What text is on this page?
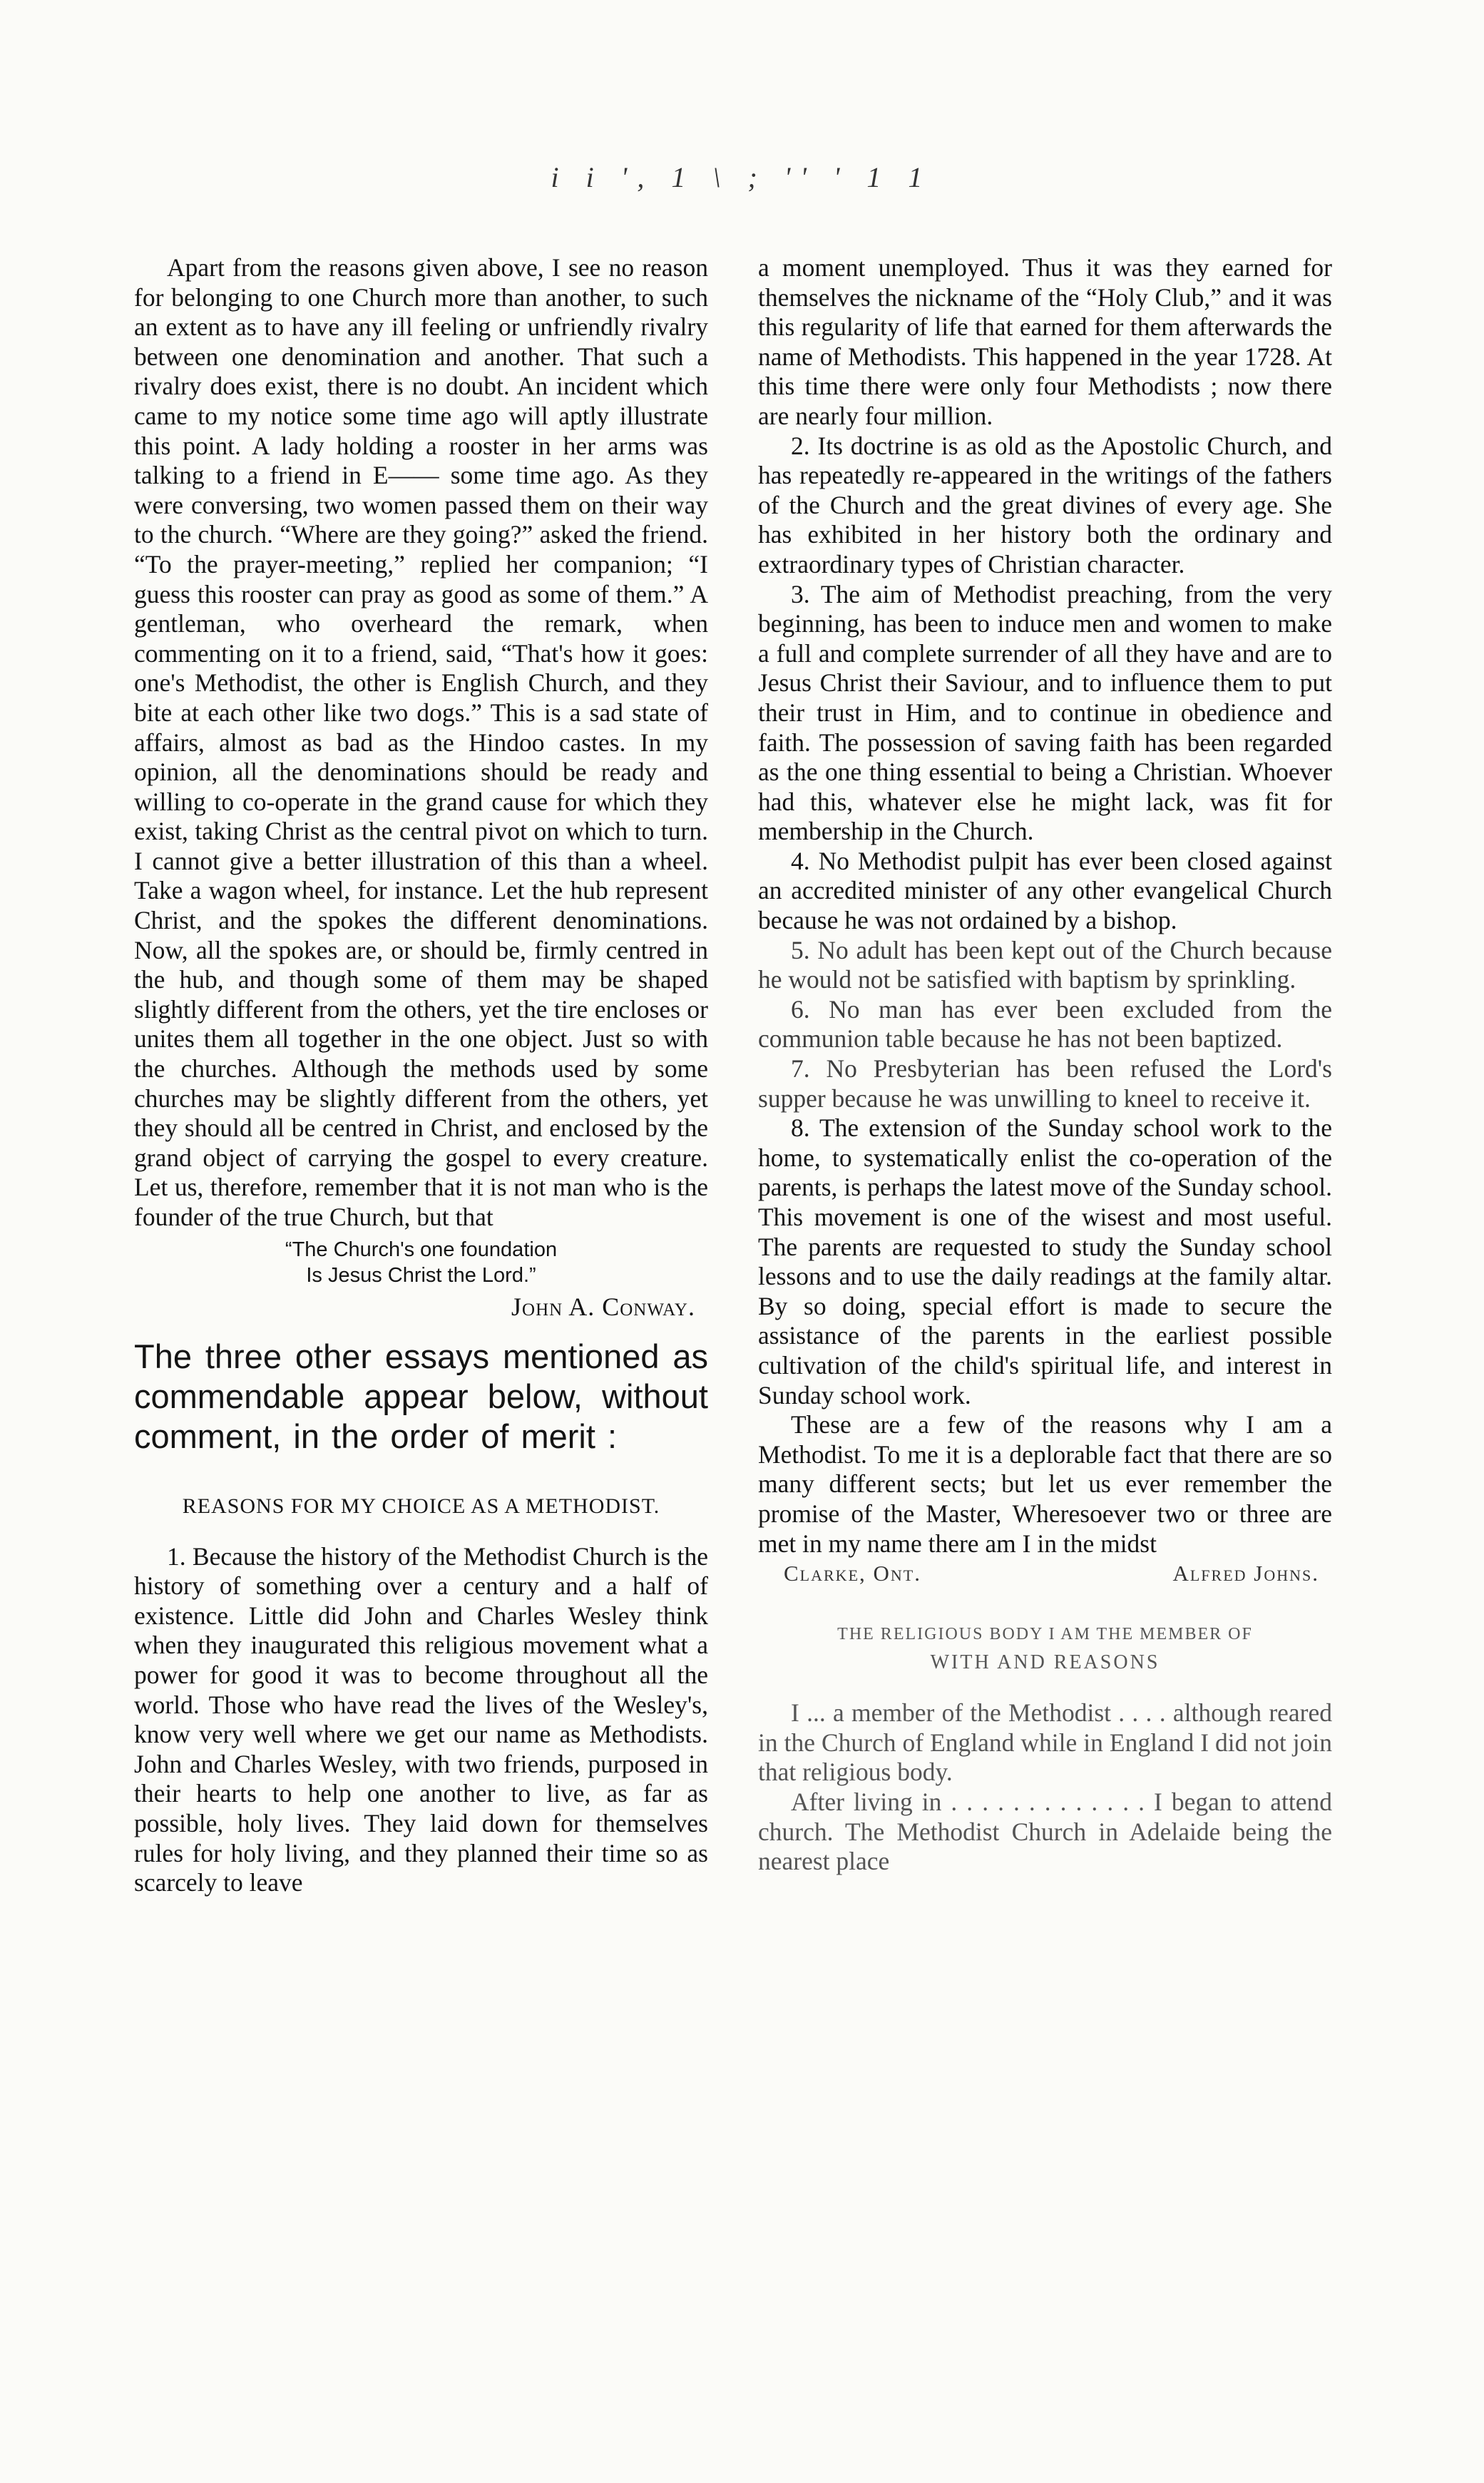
i i ', 1 \ ; '' ' 1 1

Apart from the reasons given above, I see no reason for belonging to one Church more than another, to such an extent as to have any ill feeling or unfriendly rivalry between one denomination and another. That such a rivalry does exist, there is no doubt. An incident which came to my notice some time ago will aptly illustrate this point. A lady holding a rooster in her arms was talking to a friend in E—— some time ago. As they were conversing, two women passed them on their way to the church. “Where are they going?” asked the friend. “To the prayer-meeting,” replied her companion; “I guess this rooster can pray as good as some of them.” A gentleman, who overheard the remark, when commenting on it to a friend, said, “That's how it goes: one's Methodist, the other is English Church, and they bite at each other like two dogs.” This is a sad state of affairs, almost as bad as the Hindoo castes. In my opinion, all the denominations should be ready and willing to co-operate in the grand cause for which they exist, taking Christ as the central pivot on which to turn. I cannot give a better illustration of this than a wheel. Take a wagon wheel, for instance. Let the hub represent Christ, and the spokes the different denominations. Now, all the spokes are, or should be, firmly centred in the hub, and though some of them may be shaped slightly different from the others, yet the tire encloses or unites them all together in the one object. Just so with the churches. Although the methods used by some churches may be slightly different from the others, yet they should all be centred in Christ, and enclosed by the grand object of carrying the gospel to every creature. Let us, therefore, remember that it is not man who is the founder of the true Church, but that

“The Church's one foundation
Is Jesus Christ the Lord.”
John A. Conway.
The three other essays mentioned as commendable appear below, without comment, in the order of merit :
REASONS FOR MY CHOICE AS A METHODIST.

1. Because the history of the Methodist Church is the history of something over a century and a half of existence. Little did John and Charles Wesley think when they inaugurated this religious movement what a power for good it was to become throughout all the world. Those who have read the lives of the Wesley's, know very well where we get our name as Methodists. John and Charles Wesley, with two friends, purposed in their hearts to help one another to live, as far as possible, holy lives. They laid down for themselves rules for holy living, and they planned their time so as scarcely to leave

a moment unemployed. Thus it was they earned for themselves the nickname of the “Holy Club,” and it was this regularity of life that earned for them afterwards the name of Methodists. This happened in the year 1728. At this time there were only four Methodists ; now there are nearly four million.

2. Its doctrine is as old as the Apostolic Church, and has repeatedly re-appeared in the writings of the fathers of the Church and the great divines of every age. She has exhibited in her history both the ordinary and extraordinary types of Christian character.

3. The aim of Methodist preaching, from the very beginning, has been to induce men and women to make a full and complete surrender of all they have and are to Jesus Christ their Saviour, and to influence them to put their trust in Him, and to continue in obedience and faith. The possession of saving faith has been regarded as the one thing essential to being a Christian. Whoever had this, whatever else he might lack, was fit for membership in the Church.

4. No Methodist pulpit has ever been closed against an accredited minister of any other evangelical Church because he was not ordained by a bishop.

5. No adult has been kept out of the Church because he would not be satisfied with baptism by sprinkling.

6. No man has ever been excluded from the communion table because he has not been baptized.

7. No Presbyterian has been refused the Lord's supper because he was unwilling to kneel to receive it.

8. The extension of the Sunday school work to the home, to systematically enlist the co-operation of the parents, is perhaps the latest move of the Sunday school. This movement is one of the wisest and most useful. The parents are requested to study the Sunday school lessons and to use the daily readings at the family altar. By so doing, special effort is made to secure the assistance of the parents in the earliest possible cultivation of the child's spiritual life, and interest in Sunday school work.

These are a few of the reasons why I am a Methodist. To me it is a deplorable fact that there are so many different sects; but let us ever remember the promise of the Master, Wheresoever two or three are met in my name there am I in the midst

Clarke, Ont.	Alfred Johns.
THE RELIGIOUS BODY I AM THE MEMBER OF
WITH AND REASONS

I ... a member of the Methodist . . . . although reared in the Church of England while in England I did not join that religious body.

After living in . . . . . . . . . . . . . I began to attend church. The Methodist Church in Adelaide being the nearest place
